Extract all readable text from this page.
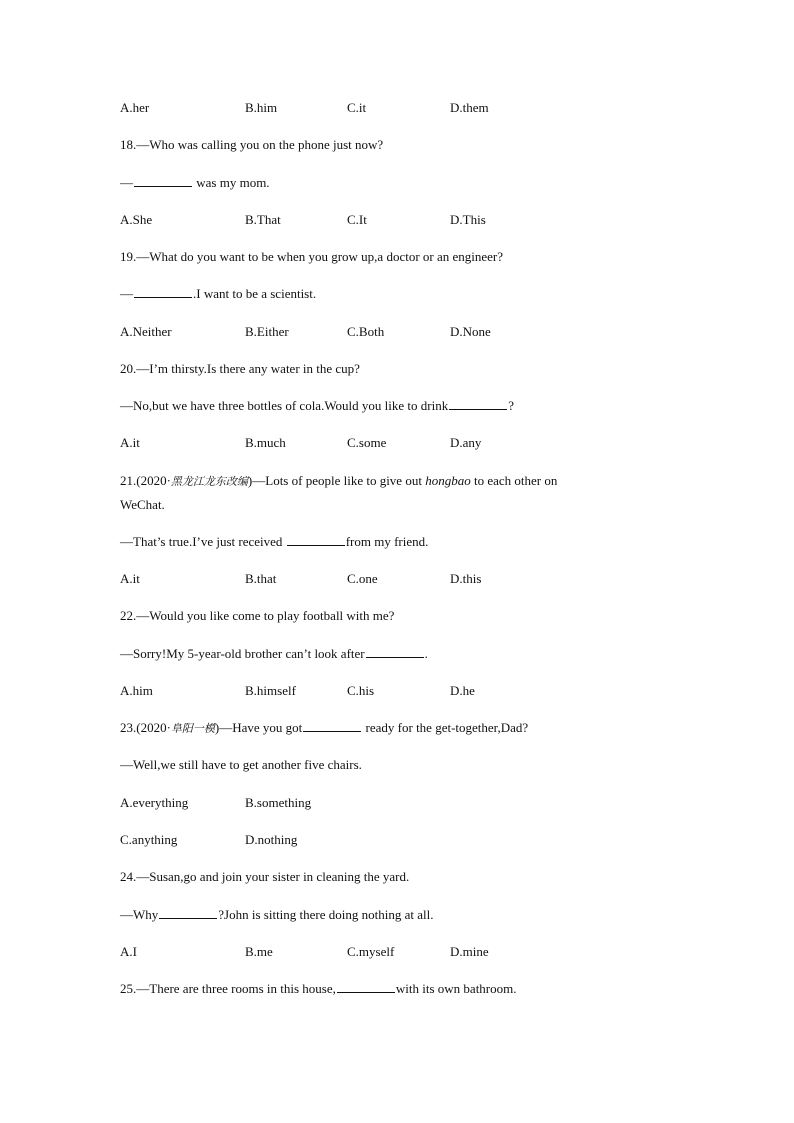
A.her	B.him	C.it	D.them
18.—Who was calling you on the phone just now?
—	was my mom.
A.She	B.That	C.It	D.This
19.—What do you want to be when you grow up,a doctor or an engineer?
—	.I want to be a scientist.
A.Neither	B.Either	C.Both	D.None
20.—I’m thirsty.Is there any water in the cup?
—No,but we have three bottles of cola.Would you like to drink	?
A.it	B.much	C.some	D.any
21.(2020·黑龙江龙东改编)—Lots of people like to give out hongbao to each other on
WeChat.
—That’s true.I’ve just received	from my friend.
A.it	B.that	C.one	D.this
22.—Would you like come to play football with me?
—Sorry!My 5-year-old brother can’t look after	.
A.him	B.himself	C.his	D.he
23.(2020·阜阳一模)—Have you got	ready for the get-together,Dad?
—Well,we still have to get another five chairs.
A.everything	B.something
C.anything	D.nothing
24.—Susan,go and join your sister in cleaning the yard.
—Why	?John is sitting there doing nothing at all.
A.I	B.me	C.myself	D.mine
25.—There are three rooms in this house,	with its own bathroom.
